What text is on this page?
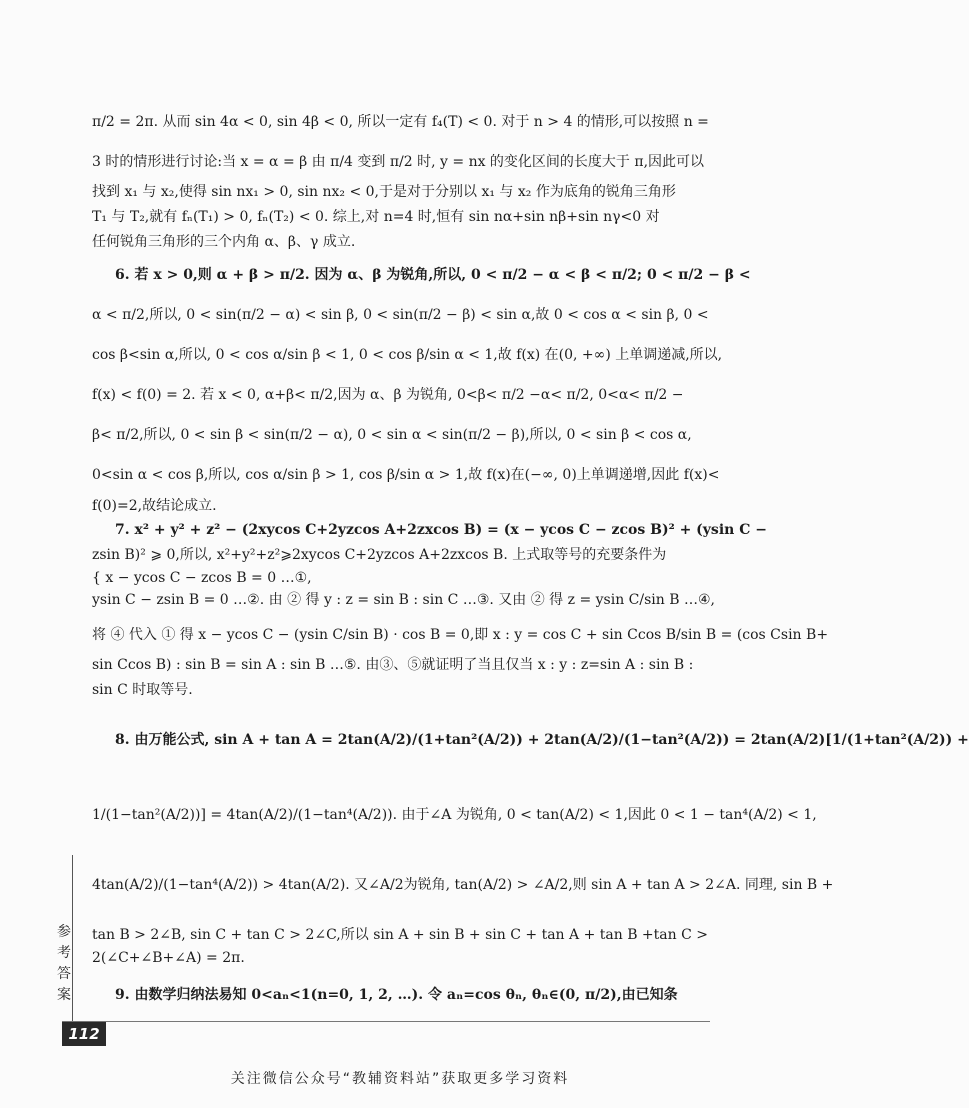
π/2 = 2π. 从而 sin 4α < 0, sin 4β < 0, 所以一定有 f₄(T) < 0. 对于 n > 4 的情形,可以按照 n =
3 时的情形进行讨论:当 x = α = β 由 π/4 变到 π/2 时, y = nx 的变化区间的长度大于 π,因此可以
找到 x₁ 与 x₂,使得 sin nx₁ > 0, sin nx₂ < 0,于是对于分别以 x₁ 与 x₂ 作为底角的锐角三角形
T₁ 与 T₂,就有 fₙ(T₁) > 0, fₙ(T₂) < 0. 综上,对 n=4 时,恒有 sin nα+sin nβ+sin nγ<0 对
任何锐角三角形的三个内角 α、β、γ 成立.
6. 若 x > 0,则 α + β > π/2. 因为 α、β 为锐角,所以, 0 < π/2 − α < β < π/2; 0 < π/2 − β <
α < π/2,所以, 0 < sin(π/2 − α) < sin β, 0 < sin(π/2 − β) < sin α,故 0 < cos α < sin β, 0 <
cos β<sin α,所以, 0 < cos α/sin β < 1, 0 < cos β/sin α < 1,故 f(x) 在(0, +∞) 上单调递减,所以,
f(x) < f(0) = 2. 若 x < 0, α+β< π/2,因为 α、β 为锐角, 0<β< π/2 −α< π/2, 0<α< π/2 −
β< π/2,所以, 0 < sin β < sin(π/2 − α), 0 < sin α < sin(π/2 − β),所以, 0 < sin β < cos α,
0<sin α < cos β,所以, cos α/sin β > 1, cos β/sin α > 1,故 f(x)在(−∞, 0)上单调递增,因此 f(x)<
f(0)=2,故结论成立.
7. x² + y² + z² − (2xycos C+2yzcos A+2zxcos B) = (x − ycos C − zcos B)² + (ysin C −
zsin B)² ⩾ 0,所以, x²+y²+z²⩾2xycos C+2yzcos A+2zxcos B. 上式取等号的充要条件为
{ x − ycos C − zcos B = 0 …①,
ysin C − zsin B = 0 …②. 由 ② 得 y : z = sin B : sin C …③. 又由 ② 得 z = ysin C/sin B …④,
将 ④ 代入 ① 得 x − ycos C − (ysin C/sin B) · cos B = 0,即 x : y = cos C + sin Ccos B/sin B = (cos Csin B+
sin Ccos B) : sin B = sin A : sin B …⑤. 由③、⑤就证明了当且仅当 x : y : z=sin A : sin B :
sin C 时取等号.
8. 由万能公式, sin A + tan A = 2tan(A/2)/(1+tan²(A/2)) + 2tan(A/2)/(1−tan²(A/2)) = 2tan(A/2)[1/(1+tan²(A/2)) +
1/(1−tan²(A/2))] = 4tan(A/2)/(1−tan⁴(A/2)). 由于∠A 为锐角, 0 < tan(A/2) < 1,因此 0 < 1 − tan⁴(A/2) < 1,
4tan(A/2)/(1−tan⁴(A/2)) > 4tan(A/2). 又∠A/2为锐角, tan(A/2) > ∠A/2,则 sin A + tan A > 2∠A. 同理, sin B +
tan B > 2∠B, sin C + tan C > 2∠C,所以 sin A + sin B + sin C + tan A + tan B +tan C >
2(∠C+∠B+∠A) = 2π.
9. 由数学归纳法易知 0<aₙ<1(n=0, 1, 2, …). 令 aₙ=cos θₙ, θₙ∈(0, π/2),由已知条
参
考
答
案
112
关注微信公众号“教辅资料站”获取更多学习资料
